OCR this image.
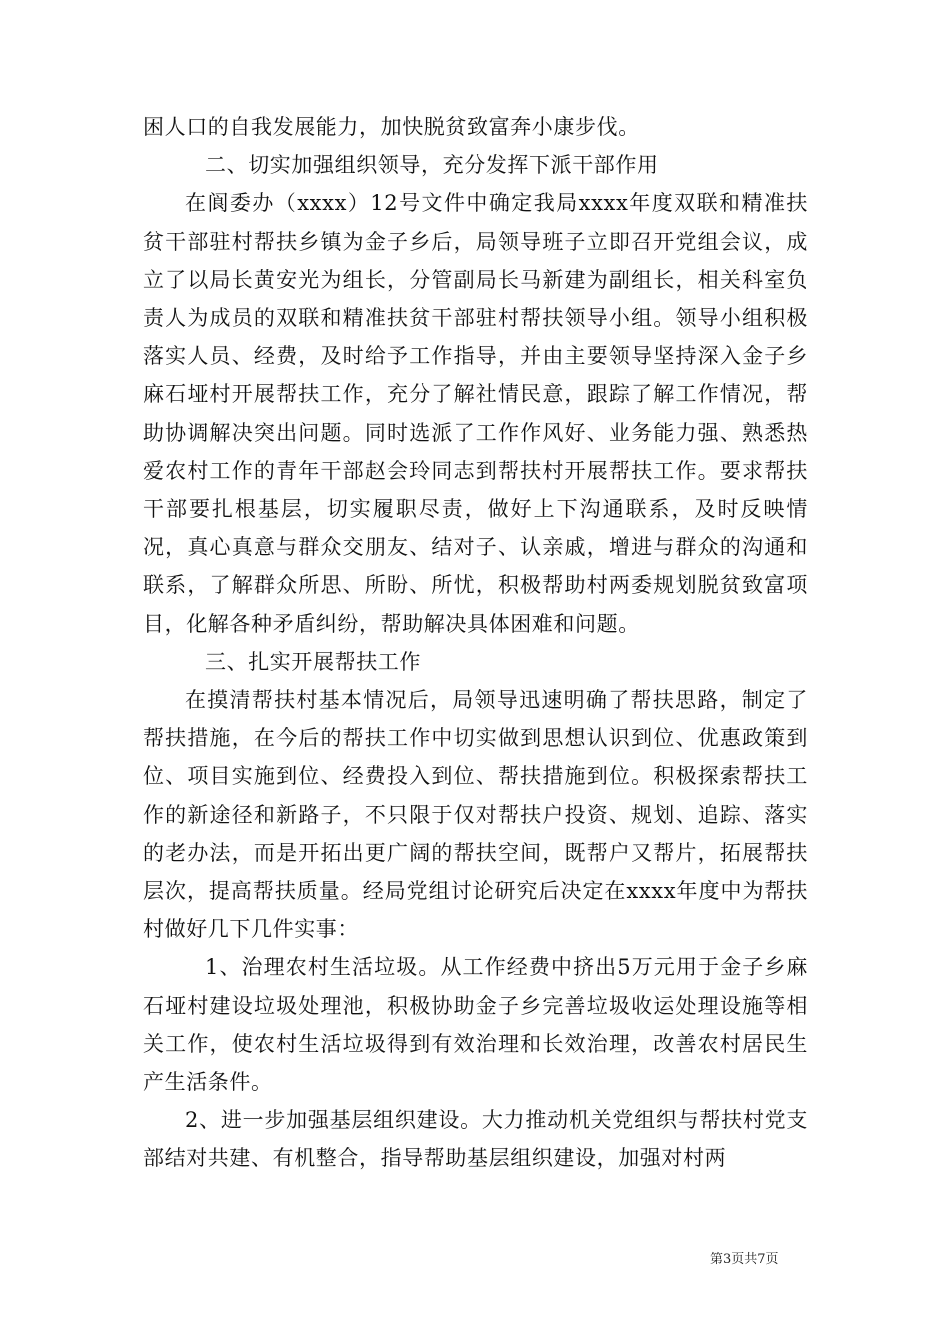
困人口的自我发展能力，加快脱贫致富奔小康步伐。

二、切实加强组织领导，充分发挥下派干部作用

在阆委办（xxxx）12号文件中确定我局xxxx年度双联和精准扶贫干部驻村帮扶乡镇为金子乡后，局领导班子立即召开党组会议，成立了以局长黄安光为组长，分管副局长马新建为副组长，相关科室负责人为成员的双联和精准扶贫干部驻村帮扶领导小组。领导小组积极落实人员、经费，及时给予工作指导，并由主要领导坚持深入金子乡麻石垭村开展帮扶工作，充分了解社情民意，跟踪了解工作情况，帮助协调解决突出问题。同时选派了工作作风好、业务能力强、熟悉热爱农村工作的青年干部赵会玲同志到帮扶村开展帮扶工作。要求帮扶干部要扎根基层，切实履职尽责，做好上下沟通联系，及时反映情况，真心真意与群众交朋友、结对子、认亲戚，增进与群众的沟通和联系，了解群众所思、所盼、所忧，积极帮助村两委规划脱贫致富项目，化解各种矛盾纠纷，帮助解决具体困难和问题。

三、扎实开展帮扶工作

在摸清帮扶村基本情况后，局领导迅速明确了帮扶思路，制定了帮扶措施，在今后的帮扶工作中切实做到思想认识到位、优惠政策到位、项目实施到位、经费投入到位、帮扶措施到位。积极探索帮扶工作的新途径和新路子，不只限于仅对帮扶户投资、规划、追踪、落实的老办法，而是开拓出更广阔的帮扶空间，既帮户又帮片，拓展帮扶层次，提高帮扶质量。经局党组讨论研究后决定在xxxx年度中为帮扶村做好几下几件实事：

1、治理农村生活垃圾。从工作经费中挤出5万元用于金子乡麻石垭村建设垃圾处理池，积极协助金子乡完善垃圾收运处理设施等相关工作，使农村生活垃圾得到有效治理和长效治理，改善农村居民生产生活条件。

2、进一步加强基层组织建设。大力推动机关党组织与帮扶村党支部结对共建、有机整合，指导帮助基层组织建设，加强对村两

第3页共7页
